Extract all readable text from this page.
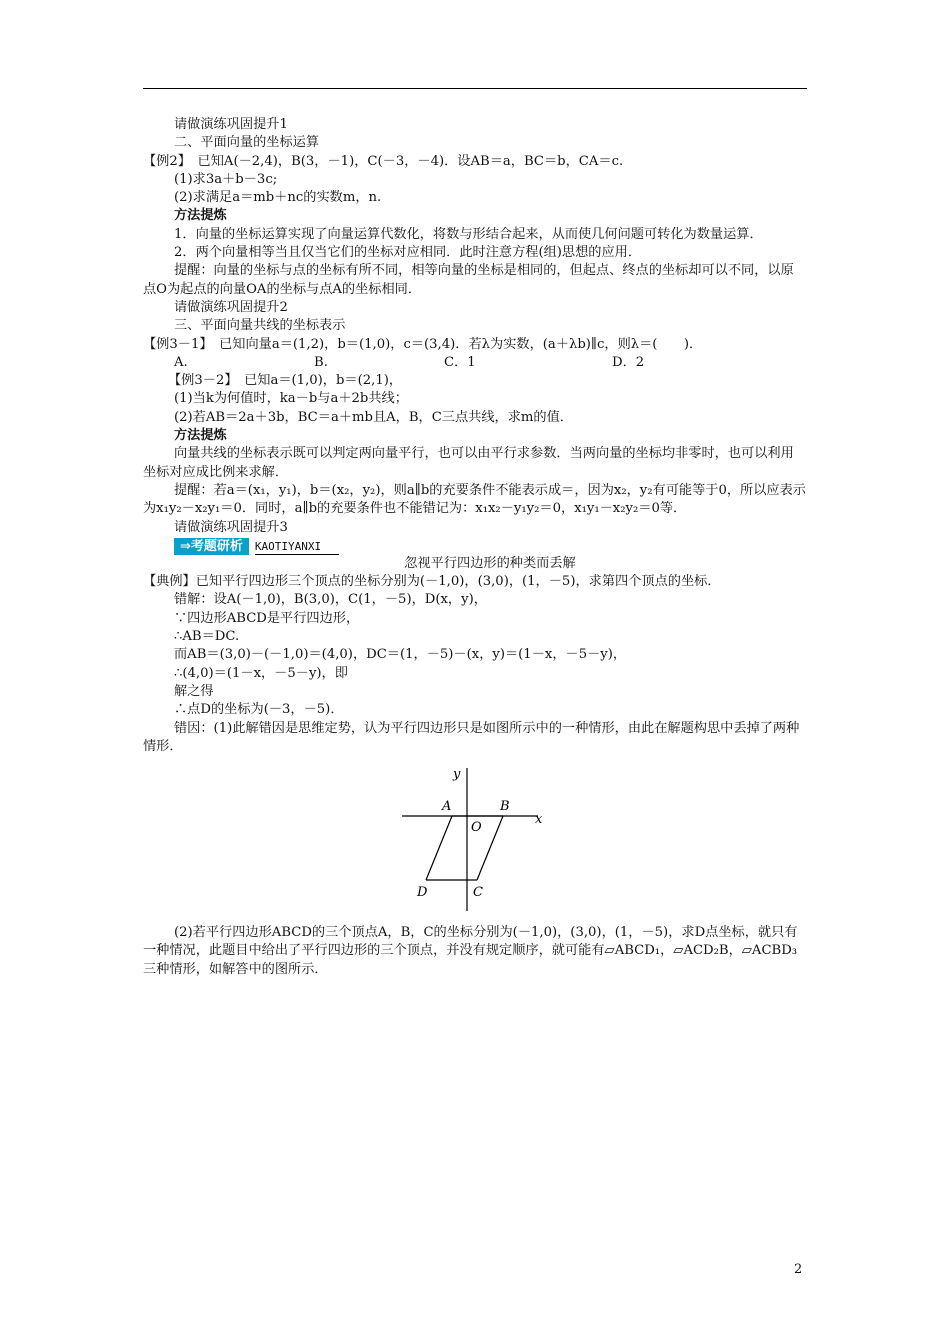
请做演练巩固提升1

二、平面向量的坐标运算

【例2】　已知A(－2,4)，B(3，－1)，C(－3，－4)．设AB＝a，BC＝b，CA＝c.

(1)求3a＋b－3c;

(2)求满足a＝mb＋nc的实数m，n.

方法提炼

1．向量的坐标运算实现了向量运算代数化，将数与形结合起来，从而使几何问题可转化为数量运算．

2．两个向量相等当且仅当它们的坐标对应相同．此时注意方程(组)思想的应用．

提醒：向量的坐标与点的坐标有所不同，相等向量的坐标是相同的，但起点、终点的坐标却可以不同，以原点O为起点的向量OA的坐标与点A的坐标相同．

请做演练巩固提升2

三、平面向量共线的坐标表示

【例3－1】　已知向量a＝(1,2)，b＝(1,0)，c＝(3,4)．若λ为实数，(a＋λb)∥c，则λ＝(　　)．

A.	B.	C．1	D．2

【例3－2】　已知a＝(1,0)，b＝(2,1)，

(1)当k为何值时，ka－b与a＋2b共线；

(2)若AB＝2a＋3b，BC＝a＋mb且A，B，C三点共线，求m的值．

方法提炼

向量共线的坐标表示既可以判定两向量平行，也可以由平行求参数．当两向量的坐标均非零时，也可以利用坐标对应成比例来求解．

提醒：若a＝(x₁，y₁)，b＝(x₂，y₂)，则a∥b的充要条件不能表示成＝，因为x₂，y₂有可能等于0，所以应表示为x₁y₂－x₂y₁＝0．同时，a∥b的充要条件也不能错记为：x₁x₂－y₁y₂＝0，x₁y₁－x₂y₂＝0等．

请做演练巩固提升3

⇒考题研析	KAOTIYANXI

忽视平行四边形的种类而丢解

【典例】已知平行四边形三个顶点的坐标分别为(－1,0)，(3,0)，(1，－5)，求第四个顶点的坐标．

错解：设A(－1,0)，B(3,0)，C(1，－5)，D(x，y)，

∵四边形ABCD是平行四边形，

∴AB＝DC.

而AB＝(3,0)－(－1,0)＝(4,0)，DC＝(1，－5)－(x，y)＝(1－x，－5－y)，

∴(4,0)＝(1－x，－5－y)，即

解之得

∴点D的坐标为(－3，－5)．

错因：(1)此解错因是思维定势，认为平行四边形只是如图所示中的一种情形，由此在解题构思中丢掉了两种情形．

y
x
A	B
O
D	C

(2)若平行四边形ABCD的三个顶点A，B，C的坐标分别为(－1,0)，(3,0)，(1，－5)，求D点坐标，就只有一种情况，此题目中给出了平行四边形的三个顶点，并没有规定顺序，就可能有▱ABCD₁，▱ACD₂B，▱ACBD₃三种情形，如解答中的图所示．

2
